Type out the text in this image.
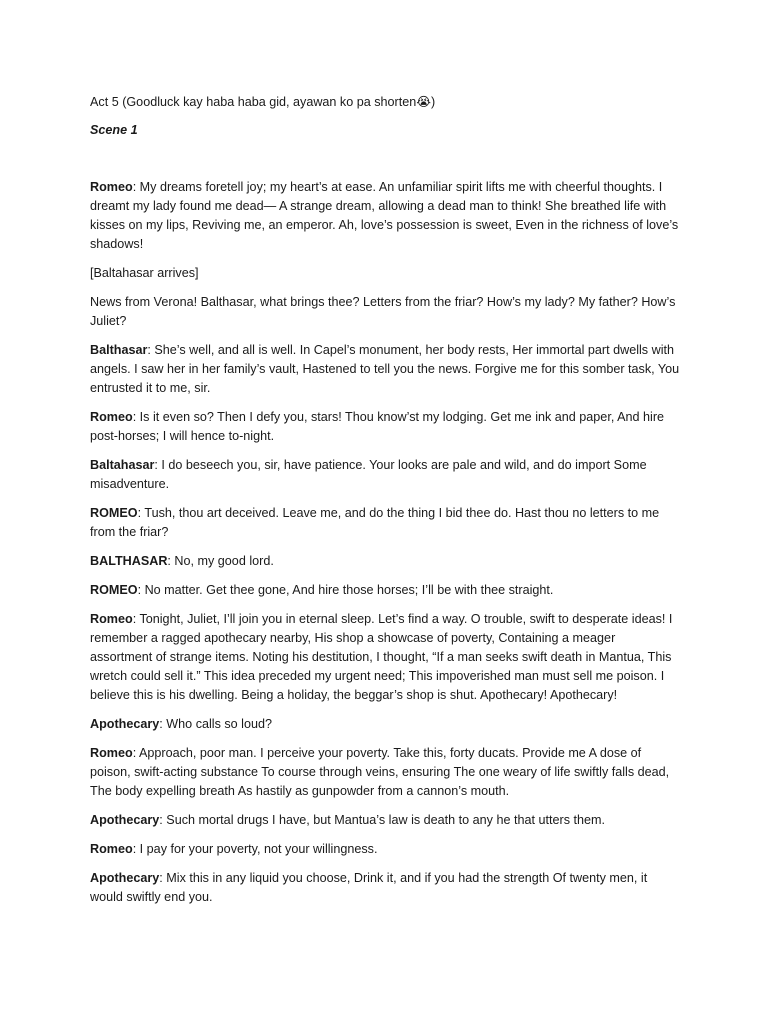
Act 5 (Goodluck kay haba haba gid, ayawan ko pa shorten😭)

Scene 1

Romeo: My dreams foretell joy; my heart’s at ease. An unfamiliar spirit lifts me with cheerful thoughts. I dreamt my lady found me dead— A strange dream, allowing a dead man to think! She breathed life with kisses on my lips, Reviving me, an emperor. Ah, love’s possession is sweet, Even in the richness of love’s shadows!

[Baltahasar arrives]

News from Verona! Balthasar, what brings thee? Letters from the friar? How’s my lady? My father? How’s Juliet?

Balthasar: She’s well, and all is well. In Capel’s monument, her body rests, Her immortal part dwells with angels. I saw her in her family’s vault, Hastened to tell you the news. Forgive me for this somber task, You entrusted it to me, sir.

Romeo: Is it even so? Then I defy you, stars! Thou know’st my lodging. Get me ink and paper, And hire post-horses; I will hence to-night.

Baltahasar: I do beseech you, sir, have patience. Your looks are pale and wild, and do import Some misadventure.

ROMEO: Tush, thou art deceived. Leave me, and do the thing I bid thee do. Hast thou no letters to me from the friar?

BALTHASAR: No, my good lord.

ROMEO: No matter. Get thee gone, And hire those horses; I’ll be with thee straight.

Romeo: Tonight, Juliet, I’ll join you in eternal sleep. Let’s find a way. O trouble, swift to desperate ideas! I remember a ragged apothecary nearby, His shop a showcase of poverty, Containing a meager assortment of strange items. Noting his destitution, I thought, “If a man seeks swift death in Mantua, This wretch could sell it.” This idea preceded my urgent need; This impoverished man must sell me poison. I believe this is his dwelling. Being a holiday, the beggar’s shop is shut. Apothecary! Apothecary!

Apothecary: Who calls so loud?

Romeo: Approach, poor man. I perceive your poverty. Take this, forty ducats. Provide me A dose of poison, swift-acting substance To course through veins, ensuring The one weary of life swiftly falls dead, The body expelling breath As hastily as gunpowder from a cannon’s mouth.

Apothecary: Such mortal drugs I have, but Mantua’s law is death to any he that utters them.

Romeo: I pay for your poverty, not your willingness.

Apothecary: Mix this in any liquid you choose, Drink it, and if you had the strength Of twenty men, it would swiftly end you.
